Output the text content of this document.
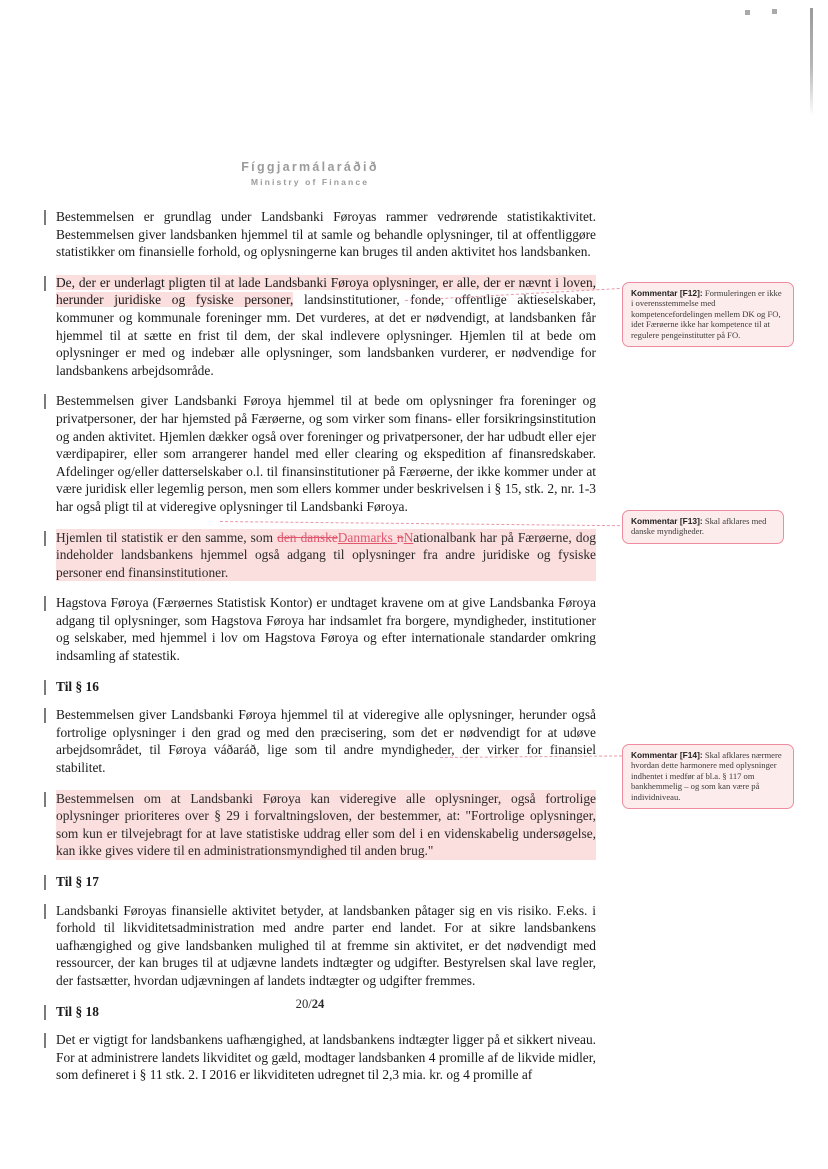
Fíggjarmálaráðið
Ministry of Finance

Bestemmelsen er grundlag under Landsbanki Føroyas rammer vedrørende statistikaktivitet. Bestemmelsen giver landsbanken hjemmel til at samle og behandle oplysninger, til at offentliggøre statistikker om finansielle forhold, og oplysningerne kan bruges til anden aktivitet hos landsbanken.

De, der er underlagt pligten til at lade Landsbanki Føroya oplysninger, er alle, der er nævnt i loven, herunder juridiske og fysiske personer, landsinstitutioner, fonde, offentlige aktieselskaber, kommuner og kommunale foreninger mm. Det vurderes, at det er nødvendigt, at landsbanken får hjemmel til at sætte en frist til dem, der skal indlevere oplysninger. Hjemlen til at bede om oplysninger er med og indebær alle oplysninger, som landsbanken vurderer, er nødvendige for landsbankens arbejdsområde.

Bestemmelsen giver Landsbanki Føroya hjemmel til at bede om oplysninger fra foreninger og privatpersoner, der har hjemsted på Færøerne, og som virker som finans- eller forsikringsinstitution og anden aktivitet. Hjemlen dækker også over foreninger og privatpersoner, der har udbudt eller ejer værdipapirer, eller som arrangerer handel med eller clearing og ekspedition af finansredskaber. Afdelinger og/eller datterselskaber o.l. til finansinstitutioner på Færøerne, der ikke kommer under at være juridisk eller legemlig person, men som ellers kommer under beskrivelsen i § 15, stk. 2, nr. 1-3 har også pligt til at videregive oplysninger til Landsbanki Føroya.

Hjemlen til statistik er den samme, som den danskeDanmarks nNationalbank har på Færøerne, dog indeholder landsbankens hjemmel også adgang til oplysninger fra andre juridiske og fysiske personer end finansinstitutioner.

Hagstova Føroya (Færøernes Statistisk Kontor) er undtaget kravene om at give Landsbanka Føroya adgang til oplysninger, som Hagstova Føroya har indsamlet fra borgere, myndigheder, institutioner og selskaber, med hjemmel i lov om Hagstova Føroya og efter internationale standarder omkring indsamling af statestik.

Til § 16

Bestemmelsen giver Landsbanki Føroya hjemmel til at videregive alle oplysninger, herunder også fortrolige oplysninger i den grad og med den præcisering, som det er nødvendigt for at udøve arbejdsområdet, til Føroya váðaráð, lige som til andre myndigheder, der virker for finansiel stabilitet.

Bestemmelsen om at Landsbanki Føroya kan videregive alle oplysninger, også fortrolige oplysninger prioriteres over § 29 i forvaltningsloven, der bestemmer, at: "Fortrolige oplysninger, som kun er tilvejebragt for at lave statistiske uddrag eller som del i en videnskabelig undersøgelse, kan ikke gives videre til en administrationsmyndighed til anden brug."

Til § 17

Landsbanki Føroyas finansielle aktivitet betyder, at landsbanken påtager sig en vis risiko. F.eks. i forhold til likviditetsadministration med andre parter end landet. For at sikre landsbankens uafhængighed og give landsbanken mulighed til at fremme sin aktivitet, er det nødvendigt med ressourcer, der kan bruges til at udjævne landets indtægter og udgifter. Bestyrelsen skal lave regler, der fastsætter, hvordan udjævningen af landets indtægter og udgifter fremmes.

Til § 18

Det er vigtigt for landsbankens uafhængighed, at landsbankens indtægter ligger på et sikkert niveau. For at administrere landets likviditet og gæld, modtager landsbanken 4 promille af de likvide midler, som defineret i § 11 stk. 2. I 2016 er likviditeten udregnet til 2,3 mia. kr. og 4 promille af

Kommentar [F12]: Formuleringen er ikke i overensstemmelse med kompetencefordelingen mellem DK og FO, idet Færøerne ikke har kompetence til at regulere pengeinstitutter på FO.
Kommentar [F13]: Skal afklares med danske myndigheder.
Kommentar [F14]: Skal afklares nærmere hvordan dette harmonere med oplysninger indhentet i medfør af bl.a. § 117 om bankhemmelig – og som kan være på individniveau.
20/24
